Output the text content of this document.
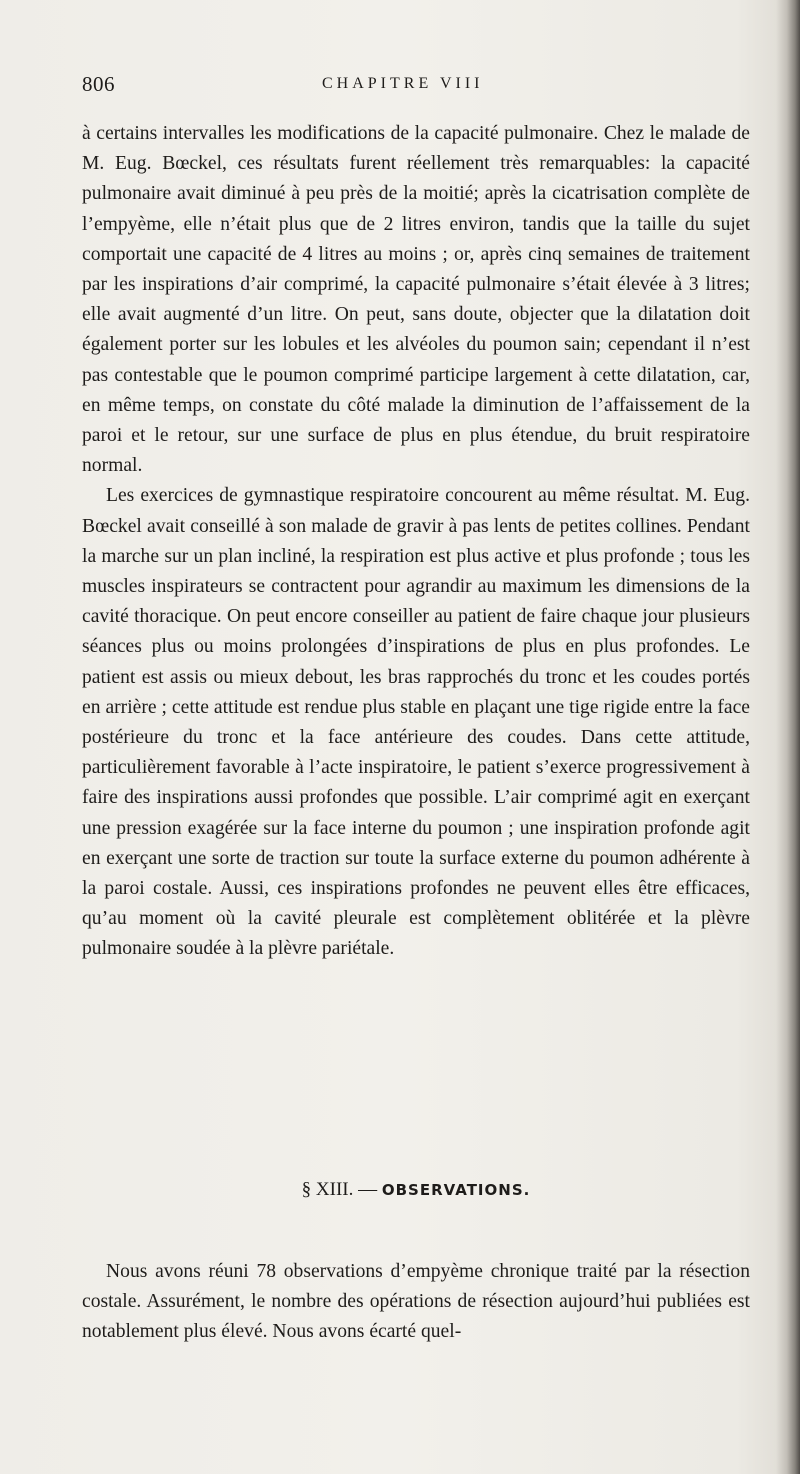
806	CHAPITRE VIII

à certains intervalles les modifications de la capacité pulmonaire. Chez le malade de M. Eug. Bœckel, ces résultats furent réellement très remarquables: la capacité pulmonaire avait diminué à peu près de la moitié; après la cicatrisation complète de l’empyème, elle n’était plus que de 2 litres environ, tandis que la taille du sujet comportait une capacité de 4 litres au moins ; or, après cinq semaines de traitement par les inspirations d’air comprimé, la capacité pulmonaire s’était élevée à 3 litres; elle avait augmenté d’un litre. On peut, sans doute, objecter que la dilatation doit également porter sur les lobules et les alvéoles du poumon sain; cependant il n’est pas contestable que le poumon comprimé participe largement à cette dilatation, car, en même temps, on constate du côté malade la diminution de l’affaissement de la paroi et le retour, sur une surface de plus en plus étendue, du bruit respiratoire normal.

Les exercices de gymnastique respiratoire concourent au même résultat. M. Eug. Bœckel avait conseillé à son malade de gravir à pas lents de petites collines. Pendant la marche sur un plan incliné, la respiration est plus active et plus profonde ; tous les muscles inspirateurs se contractent pour agrandir au maximum les dimensions de la cavité thoracique. On peut encore conseiller au patient de faire chaque jour plusieurs séances plus ou moins prolongées d’inspirations de plus en plus profondes. Le patient est assis ou mieux debout, les bras rapprochés du tronc et les coudes portés en arrière ; cette attitude est rendue plus stable en plaçant une tige rigide entre la face postérieure du tronc et la face antérieure des coudes. Dans cette attitude, particulièrement favorable à l’acte inspiratoire, le patient s’exerce progressivement à faire des inspirations aussi profondes que possible. L’air comprimé agit en exerçant une pression exagérée sur la face interne du poumon ; une inspiration profonde agit en exerçant une sorte de traction sur toute la surface externe du poumon adhérente à la paroi costale. Aussi, ces inspirations profondes ne peuvent elles être efficaces, qu’au moment où la cavité pleurale est complètement oblitérée et la plèvre pulmonaire soudée à la plèvre pariétale.

§ XIII. — OBSERVATIONS.

Nous avons réuni 78 observations d’empyème chronique traité par la résection costale. Assurément, le nombre des opérations de résection aujourd’hui publiées est notablement plus élevé. Nous avons écarté quel-
